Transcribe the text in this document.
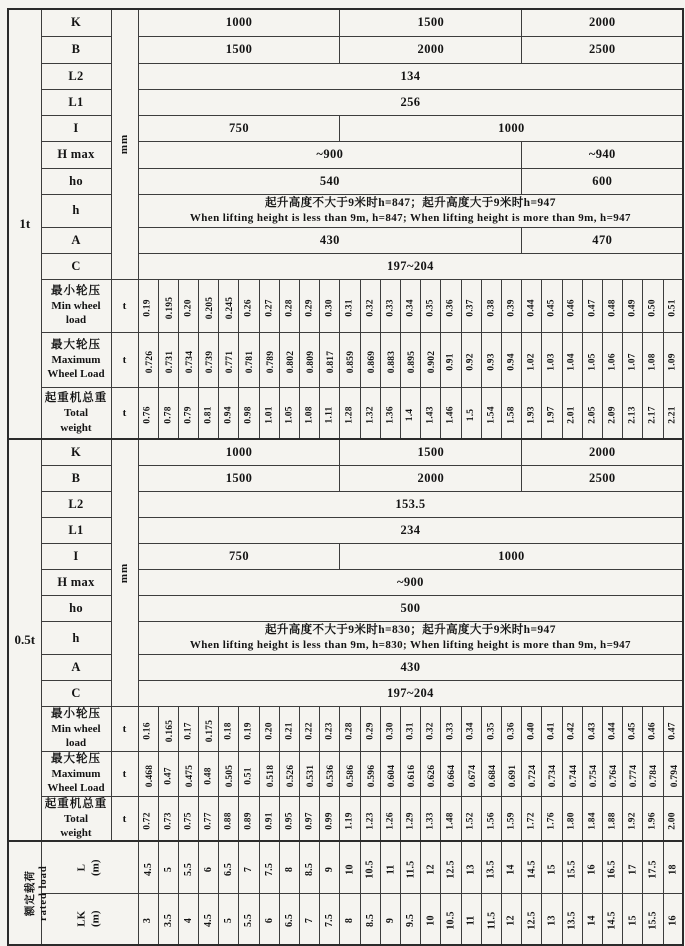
1t	K	mm	1000										1500									2000							
	B		1500										2000									2500							
	L2		134																										
	L1		256																										
	I		750										1000																
	H max		~900																			~940							
	ho		540																			600							
	h		起升高度不大于9米时h=847；起升高度大于9米时h=947
When lifting height is less than 9m, h=847; When lifting height is more than 9m, h=947																										

	A		430																			470							
	C		197~204																										

	最小轮压
Min wheel
load	t	0.19	0.195	0.20	0.205	0.245	0.26	0.27	0.28	0.29	0.30	0.31	0.32	0.33	0.34	0.35	0.36	0.37	0.38	0.39	0.44	0.45	0.46	0.47	0.48	0.49	0.50	0.51

	最大轮压
Maximum
Wheel Load	t	0.726	0.731	0.734	0.739	0.771	0.781	0.789	0.802	0.809	0.817	0.859	0.869	0.883	0.895	0.902	0.91	0.92	0.93	0.94	1.02	1.03	1.04	1.05	1.06	1.07	1.08	1.09

	起重机总重
Total
weight	t	0.76	0.78	0.79	0.81	0.94	0.98	1.01	1.05	1.08	1.11	1.28	1.32	1.36	1.4	1.43	1.46	1.5	1.54	1.58	1.93	1.97	2.01	2.05	2.09	2.13	2.17	2.21
0.5t	K	mm	1000										1500									2000							
	B		1500										2000									2500							
	L2		153.5																										
	L1		234																										
	I		750										1000																
	H max		~900																										
	ho		500																										
	h		起升高度不大于9米时h=830；起升高度大于9米时h=947
When lifting height is less than 9m, h=830; When lifting height is more than 9m, h=947																										

	A		430																										
	C		197~204																										

	最小轮压
Min wheel
load	t	0.16	0.165	0.17	0.175	0.18	0.19	0.20	0.21	0.22	0.23	0.28	0.29	0.30	0.31	0.32	0.33	0.34	0.35	0.36	0.40	0.41	0.42	0.43	0.44	0.45	0.46	0.47

	最大轮压
Maximum
Wheel Load	t	0.468	0.47	0.475	0.48	0.505	0.51	0.518	0.526	0.531	0.536	0.586	0.596	0.604	0.616	0.626	0.664	0.674	0.684	0.691	0.724	0.734	0.744	0.754	0.764	0.774	0.784	0.794

	起重机总重
Total
weight	t	0.72	0.73	0.75	0.77	0.88	0.89	0.91	0.95	0.97	0.99	1.19	1.23	1.26	1.29	1.33	1.48	1.52	1.56	1.59	1.72	1.76	1.80	1.84	1.88	1.92	1.96	2.00

额定载荷 rated load	L (m)	4.5	5	5.5	6	6.5	7	7.5	8	8.5	9	10	10.5	11	11.5	12	12.5	13	13.5	14	14.5	15	15.5	16	16.5	17	17.5	18

	LK (m)		3	3.5	4	4.5	5	5.5	6	6.5	7	7.5	8	8.5	9	9.5	10	10.5	11	11.5	12	12.5	13	13.5	14	14.5	15	15.5	16
